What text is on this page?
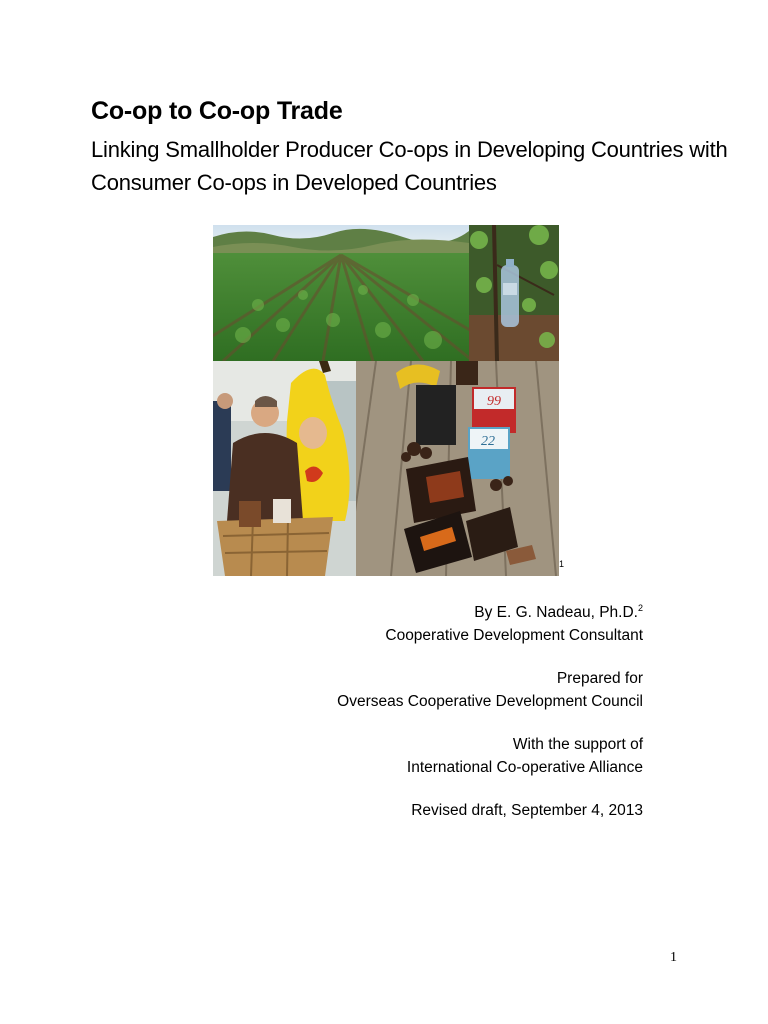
Co-op to Co-op Trade
Linking Smallholder Producer Co-ops in Developing Countries with Consumer Co-ops in Developed Countries
99
22
1
By E. G. Nadeau, Ph.D.$^2$
Cooperative Development Consultant
Prepared for
Overseas Cooperative Development Council
With the support of
International Co-operative Alliance
Revised draft, September 4, 2013
1
